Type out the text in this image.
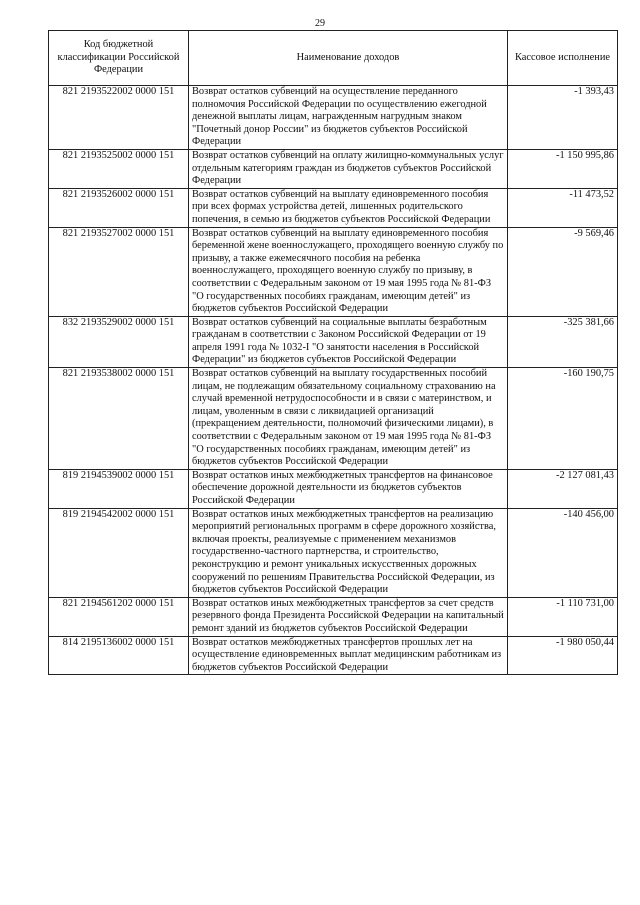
29
Код бюджетной классификации Российской Федерации	Наименование доходов	Кассовое исполнение
821 2193522002 0000 151	Возврат остатков субвенций на осуществление переданного полномочия Российской Федерации по осуществлению ежегодной денежной выплаты лицам, награжденным нагрудным знаком "Почетный донор России" из бюджетов субъектов Российской Федерации	-1 393,43
821 2193525002 0000 151	Возврат остатков субвенций на оплату жилищно-коммунальных услуг отдельным категориям граждан из бюджетов субъектов Российской Федерации	-1 150 995,86
821 2193526002 0000 151	Возврат остатков субвенций на выплату единовременного пособия при всех формах устройства детей, лишенных родительского попечения, в семью из бюджетов субъектов Российской Федерации	-11 473,52
821 2193527002 0000 151	Возврат остатков субвенций на выплату единовременного пособия беременной жене военнослужащего, проходящего военную службу по призыву, а также ежемесячного пособия на ребенка военнослужащего, проходящего военную службу по призыву, в соответствии с Федеральным законом от 19 мая 1995 года № 81-ФЗ "О государственных пособиях гражданам, имеющим детей" из бюджетов субъектов Российской Федерации	-9 569,46
832 2193529002 0000 151	Возврат остатков субвенций на социальные выплаты безработным гражданам в соответствии с Законом Российской Федерации от 19 апреля 1991 года № 1032-I "О занятости населения в Российской Федерации" из бюджетов субъектов Российской Федерации	-325 381,66
821 2193538002 0000 151	Возврат остатков субвенций на выплату государственных пособий лицам, не подлежащим обязательному социальному страхованию на случай временной нетрудоспособности и в связи с материнством, и лицам, уволенным в связи с ликвидацией организаций (прекращением деятельности, полномочий физическими лицами), в соответствии с Федеральным законом от 19 мая 1995 года № 81-ФЗ "О государственных пособиях гражданам, имеющим детей" из бюджетов субъектов Российской Федерации	-160 190,75
819 2194539002 0000 151	Возврат остатков иных межбюджетных трансфертов на финансовое обеспечение дорожной деятельности из бюджетов субъектов Российской Федерации	-2 127 081,43
819 2194542002 0000 151	Возврат остатков иных межбюджетных трансфертов на реализацию мероприятий региональных программ в сфере дорожного хозяйства, включая проекты, реализуемые с применением механизмов государственно-частного партнерства, и строительство, реконструкцию и ремонт уникальных искусственных дорожных сооружений по решениям Правительства Российской Федерации, из бюджетов субъектов Российской Федерации	-140 456,00
821 2194561202 0000 151	Возврат остатков иных межбюджетных трансфертов за счет средств резервного фонда Президента Российской Федерации на капитальный ремонт зданий из бюджетов субъектов Российской Федерации	-1 110 731,00
814 2195136002 0000 151	Возврат остатков межбюджетных трансфертов прошлых лет на осуществление единовременных выплат медицинским работникам из бюджетов субъектов Российской Федерации	-1 980 050,44
